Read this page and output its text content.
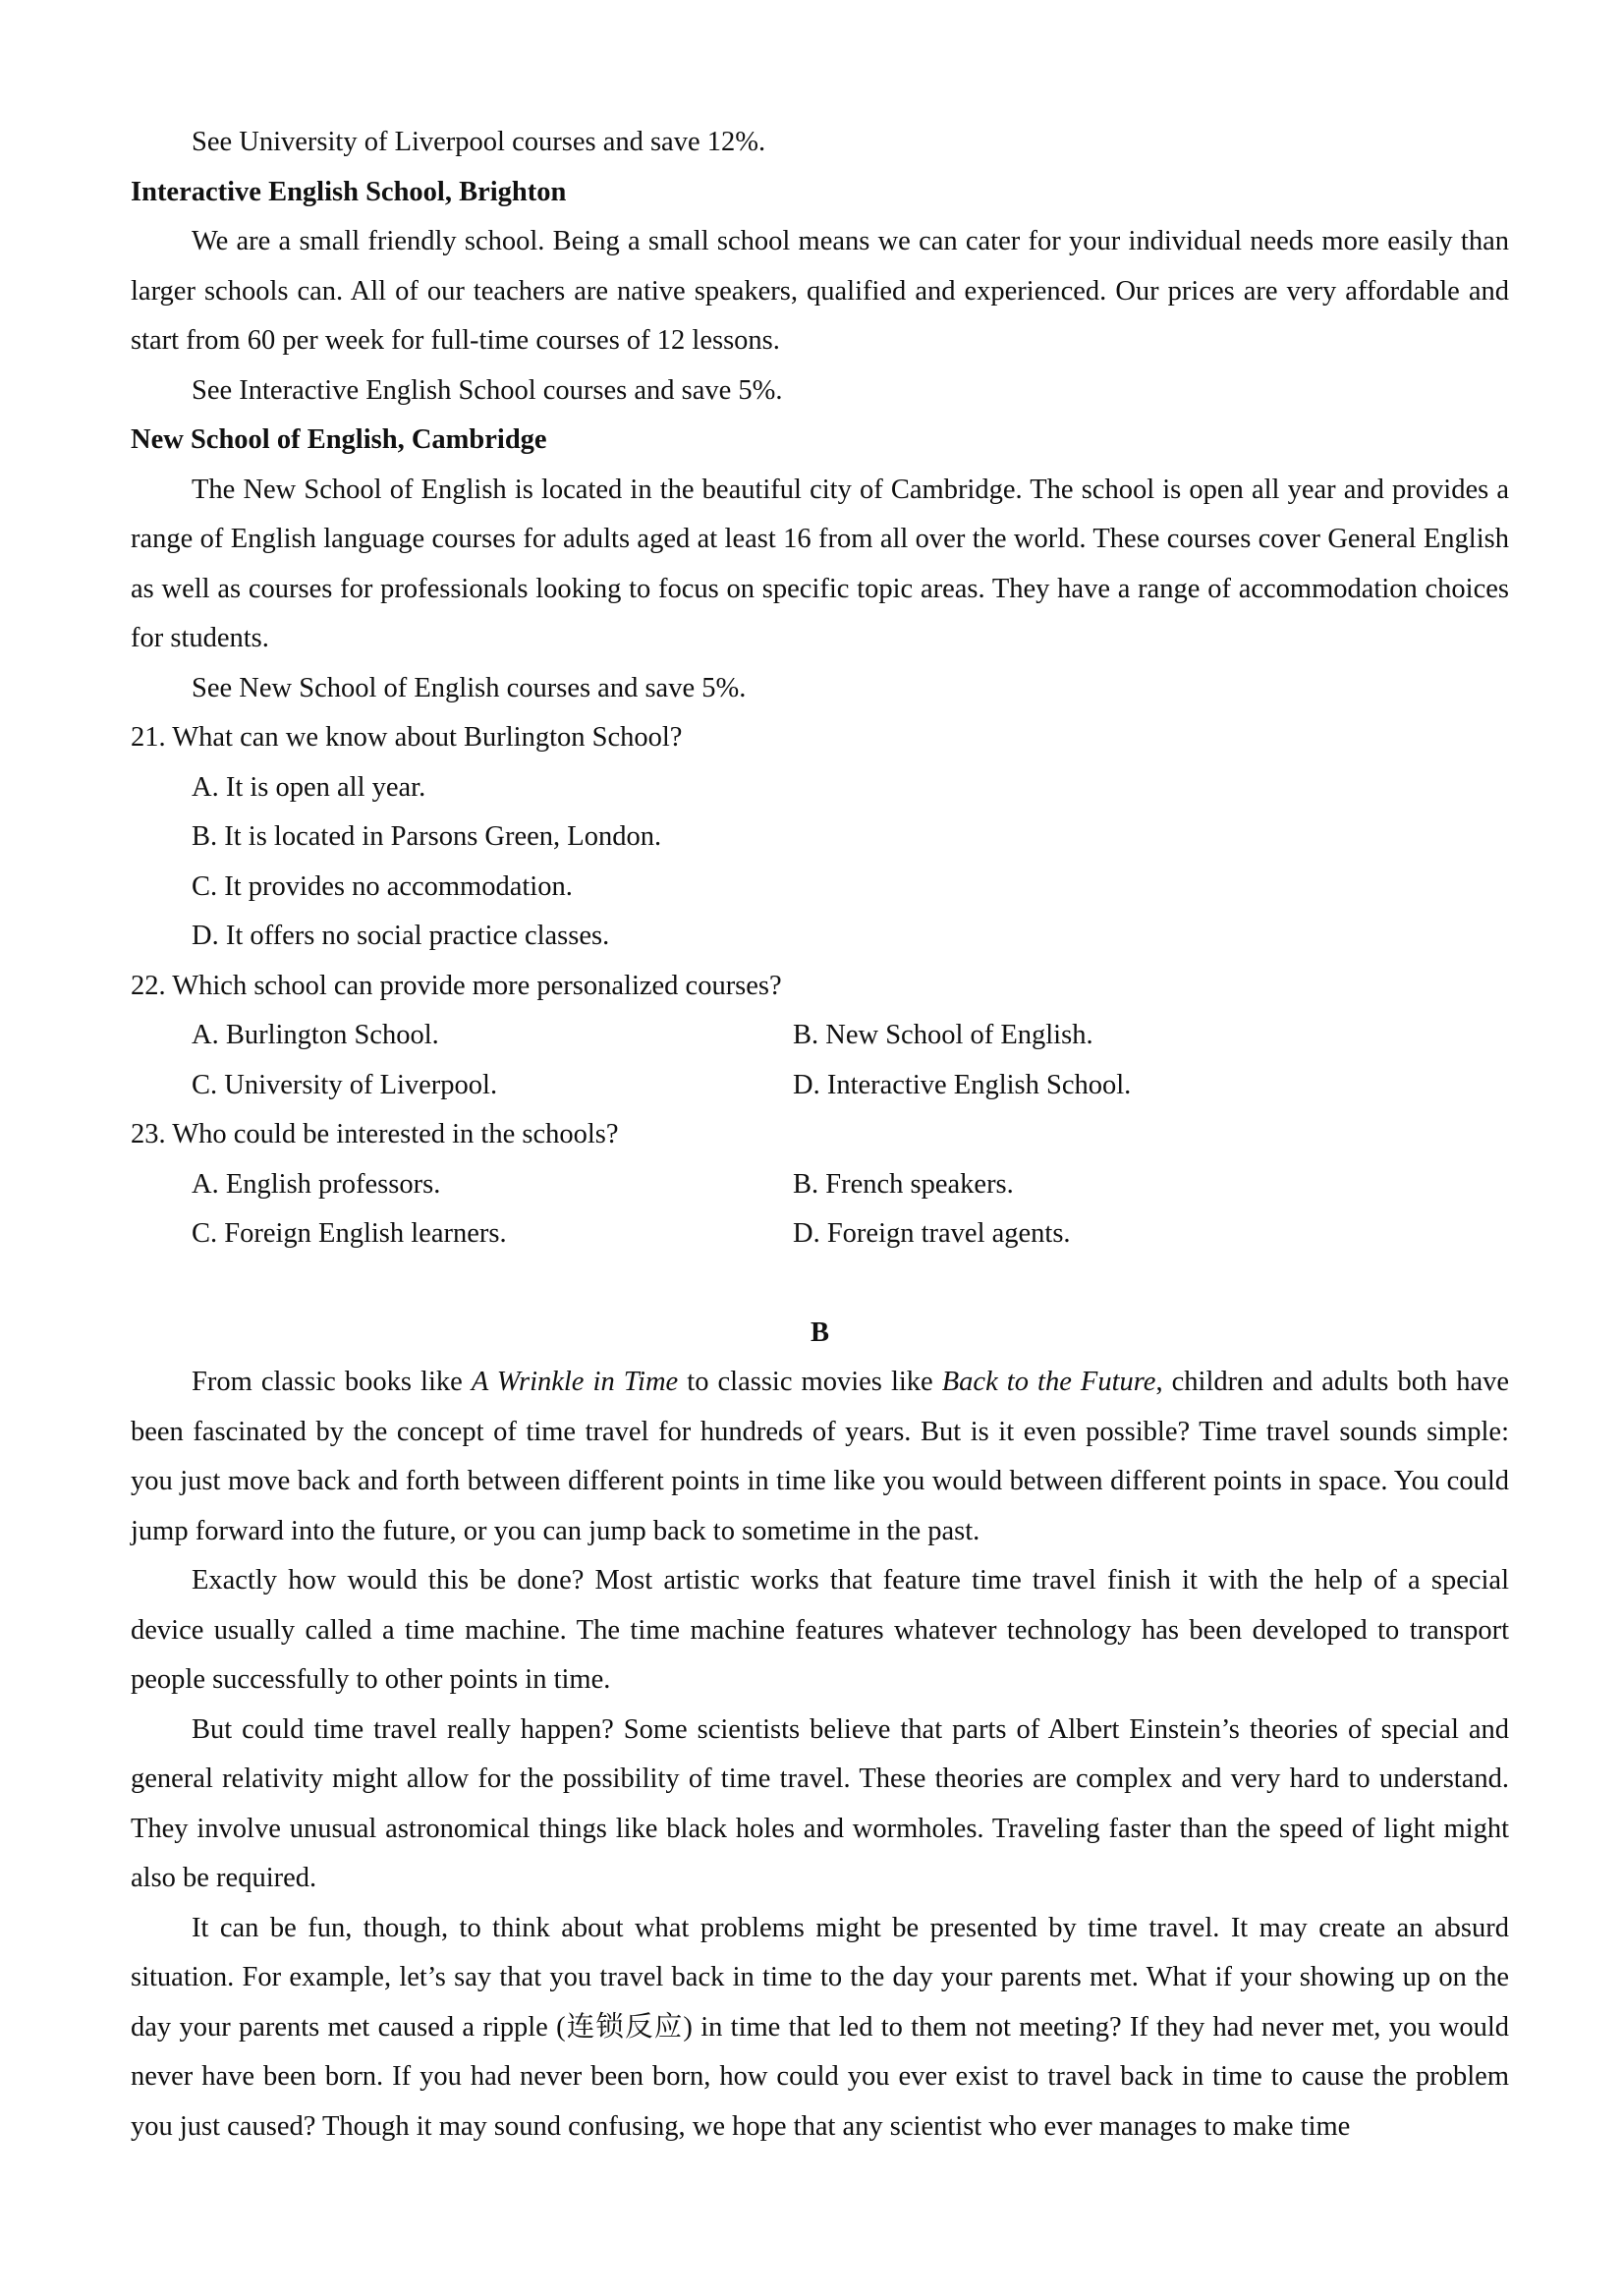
See University of Liverpool courses and save 12%.

Interactive English School, Brighton

We are a small friendly school. Being a small school means we can cater for your individual needs more easily than larger schools can. All of our teachers are native speakers, qualified and experienced. Our prices are very affordable and start from 60 per week for full-time courses of 12 lessons.

See Interactive English School courses and save 5%.

New School of English, Cambridge

The New School of English is located in the beautiful city of Cambridge. The school is open all year and provides a range of English language courses for adults aged at least 16 from all over the world. These courses cover General English as well as courses for professionals looking to focus on specific topic areas. They have a range of accommodation choices for students.

See New School of English courses and save 5%.

21. What can we know about Burlington School?

A. It is open all year.

B. It is located in Parsons Green, London.

C. It provides no accommodation.

D. It offers no social practice classes.

22. Which school can provide more personalized courses?

A. Burlington School.	B. New School of English.
C. University of Liverpool.	D. Interactive English School.

23. Who could be interested in the schools?

A. English professors.	B. French speakers.
C. Foreign English learners.	D. Foreign travel agents.

B

From classic books like A Wrinkle in Time to classic movies like Back to the Future, children and adults both have been fascinated by the concept of time travel for hundreds of years. But is it even possible? Time travel sounds simple: you just move back and forth between different points in time like you would between different points in space. You could jump forward into the future, or you can jump back to sometime in the past.

Exactly how would this be done? Most artistic works that feature time travel finish it with the help of a special device usually called a time machine. The time machine features whatever technology has been developed to transport people successfully to other points in time.

But could time travel really happen? Some scientists believe that parts of Albert Einstein’s theories of special and general relativity might allow for the possibility of time travel. These theories are complex and very hard to understand. They involve unusual astronomical things like black holes and wormholes. Traveling faster than the speed of light might also be required.

It can be fun, though, to think about what problems might be presented by time travel. It may create an absurd situation. For example, let’s say that you travel back in time to the day your parents met. What if your showing up on the day your parents met caused a ripple (连锁反应) in time that led to them not meeting? If they had never met, you would never have been born. If you had never been born, how could you ever exist to travel back in time to cause the problem you just caused? Though it may sound confusing, we hope that any scientist who ever manages to make time
